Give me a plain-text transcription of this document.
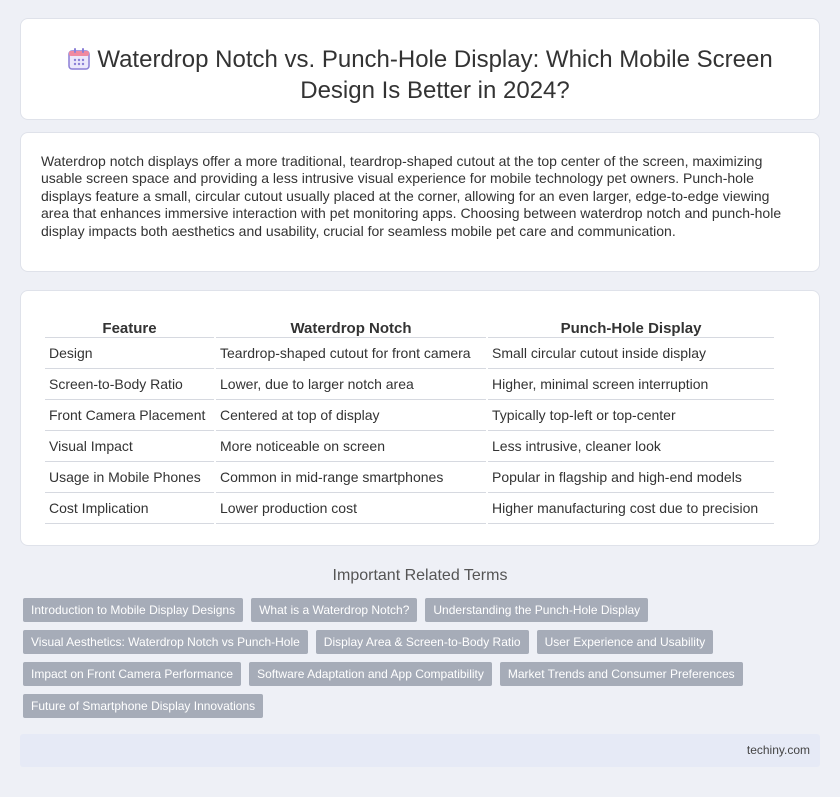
Waterdrop Notch vs. Punch-Hole Display: Which Mobile Screen Design Is Better in 2024?

Waterdrop notch displays offer a more traditional, teardrop-shaped cutout at the top center of the screen, maximizing usable screen space and providing a less intrusive visual experience for mobile technology pet owners. Punch-hole displays feature a small, circular cutout usually placed at the corner, allowing for an even larger, edge-to-edge viewing area that enhances immersive interaction with pet monitoring apps. Choosing between waterdrop notch and punch-hole display impacts both aesthetics and usability, crucial for seamless mobile pet care and communication.

Feature	Waterdrop Notch	Punch-Hole Display
Design	Teardrop-shaped cutout for front camera	Small circular cutout inside display
Screen-to-Body Ratio	Lower, due to larger notch area	Higher, minimal screen interruption
Front Camera Placement	Centered at top of display	Typically top-left or top-center
Visual Impact	More noticeable on screen	Less intrusive, cleaner look
Usage in Mobile Phones	Common in mid-range smartphones	Popular in flagship and high-end models
Cost Implication	Lower production cost	Higher manufacturing cost due to precision
Important Related Terms
Introduction to Mobile Display Designs	What is a Waterdrop Notch?	Understanding the Punch-Hole Display
Visual Aesthetics: Waterdrop Notch vs Punch-Hole	Display Area & Screen-to-Body Ratio	User Experience and Usability
Impact on Front Camera Performance	Software Adaptation and App Compatibility	Market Trends and Consumer Preferences
Future of Smartphone Display Innovations
techiny.com
